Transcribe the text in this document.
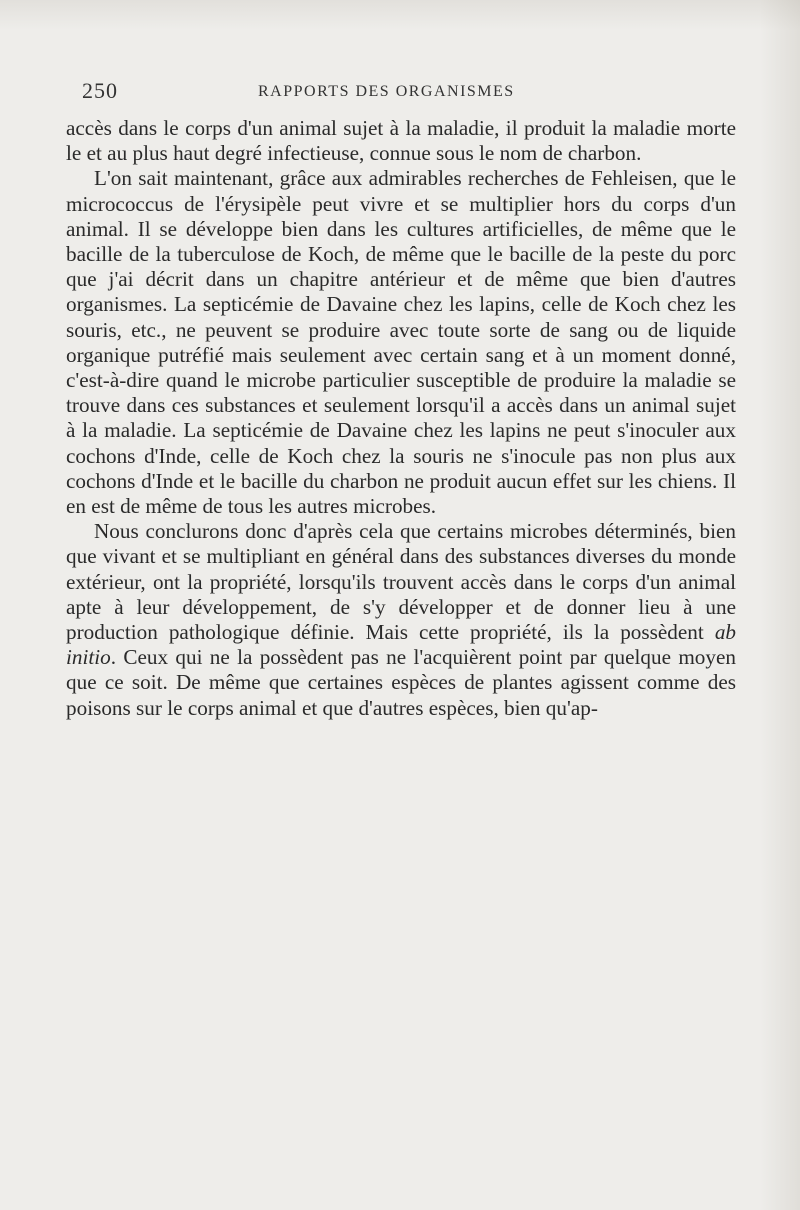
250	RAPPORTS DES ORGANISMES

accès dans le corps d'un animal sujet à la maladie, il produit la maladie morte le et au plus haut degré infectieuse, connue sous le nom de charbon.

L'on sait maintenant, grâce aux admirables recherches de Fehleisen, que le micrococcus de l'érysipèle peut vivre et se multiplier hors du corps d'un animal. Il se développe bien dans les cultures artificielles, de même que le bacille de la tuberculose de Koch, de même que le bacille de la peste du porc que j'ai décrit dans un chapitre antérieur et de même que bien d'autres organismes. La septicémie de Davaine chez les lapins, celle de Koch chez les souris, etc., ne peuvent se produire avec toute sorte de sang ou de liquide organique putréfié mais seulement avec certain sang et à un moment donné, c'est-à-dire quand le microbe particulier susceptible de produire la maladie se trouve dans ces substances et seulement lorsqu'il a accès dans un animal sujet à la maladie. La septicémie de Davaine chez les lapins ne peut s'inoculer aux cochons d'Inde, celle de Koch chez la souris ne s'inocule pas non plus aux cochons d'Inde et le bacille du charbon ne produit aucun effet sur les chiens. Il en est de même de tous les autres microbes.

Nous conclurons donc d'après cela que certains microbes déterminés, bien que vivant et se multipliant en général dans des substances diverses du monde extérieur, ont la propriété, lorsqu'ils trouvent accès dans le corps d'un animal apte à leur développement, de s'y développer et de donner lieu à une production pathologique définie. Mais cette propriété, ils la possèdent ab initio. Ceux qui ne la possèdent pas ne l'acquièrent point par quelque moyen que ce soit. De même que certaines espèces de plantes agissent comme des poisons sur le corps animal et que d'autres espèces, bien qu'ap-
